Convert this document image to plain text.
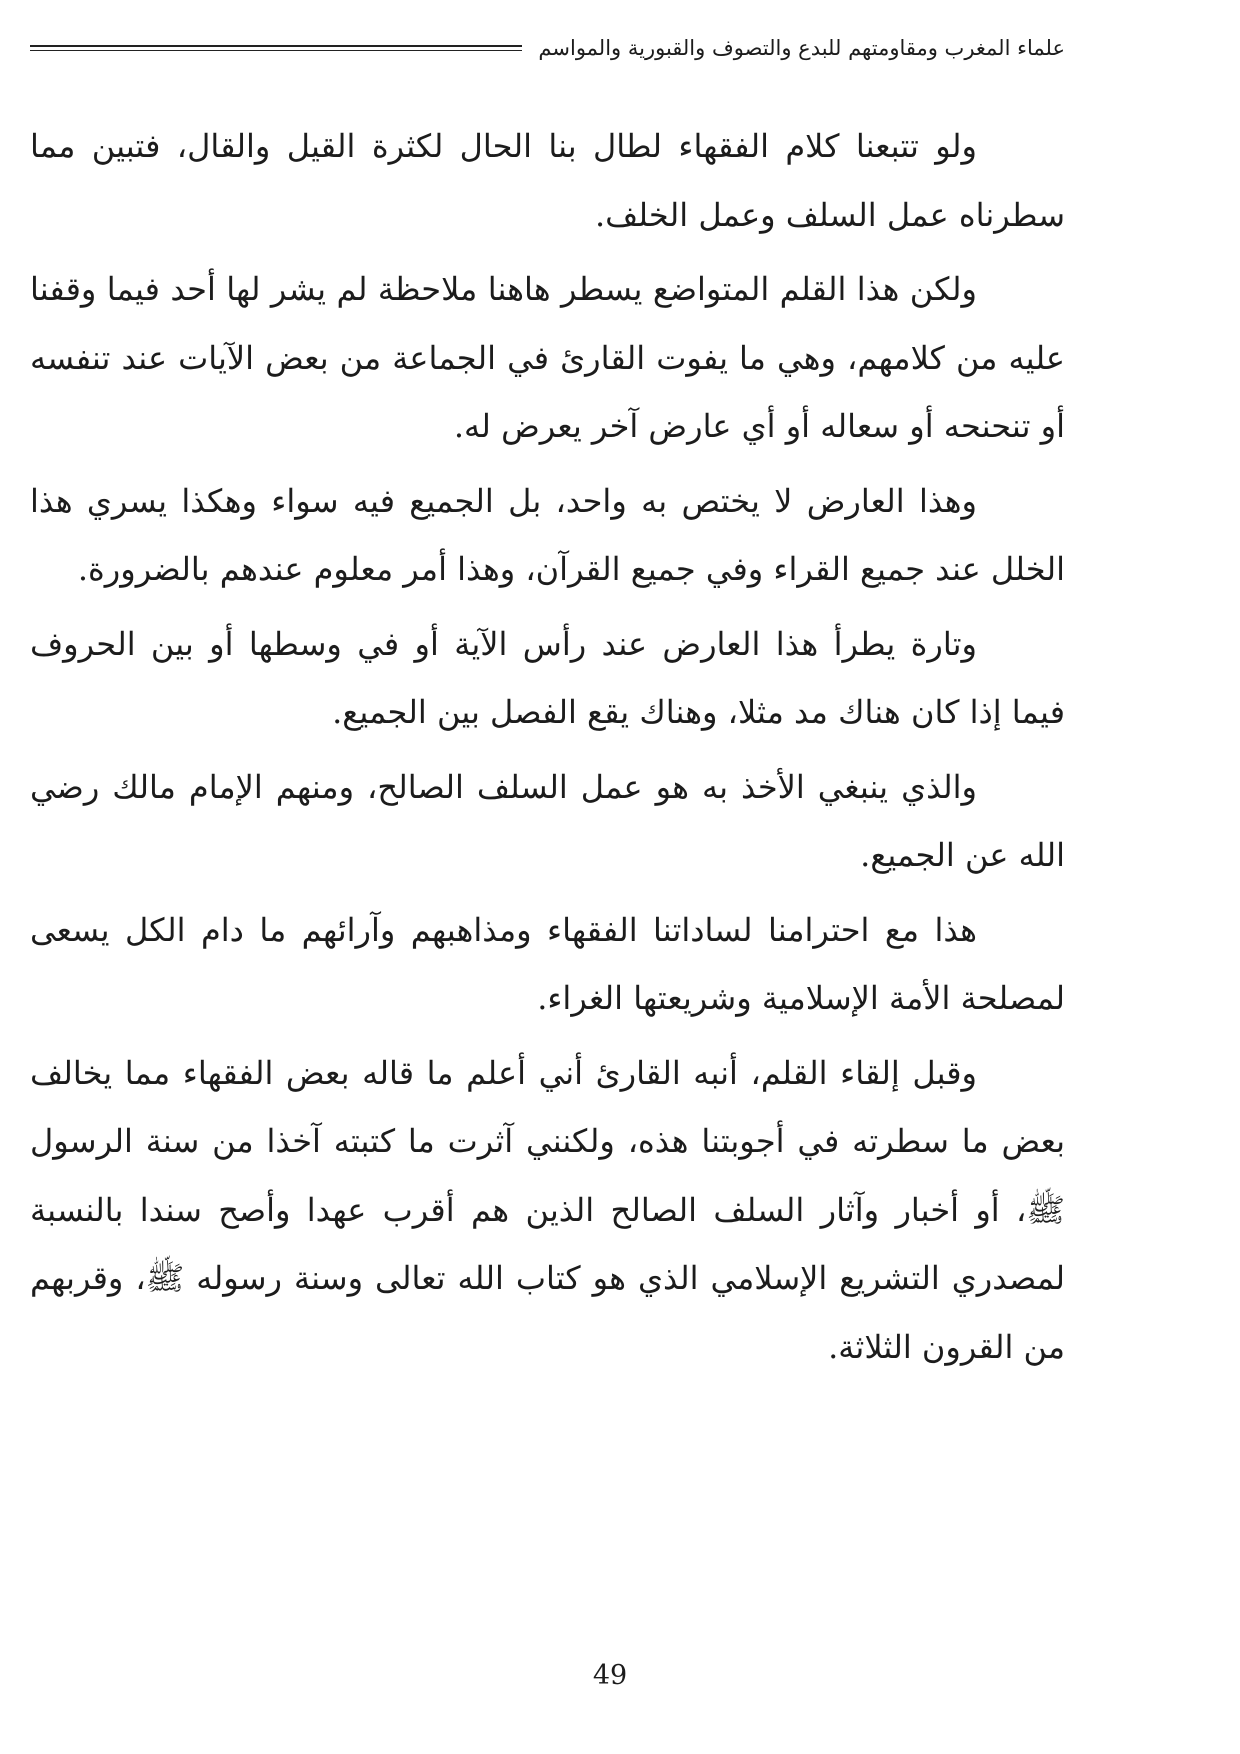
علماء المغرب ومقاومتهم للبدع والتصوف والقبورية والمواسم

ولو تتبعنا كلام الفقهاء لطال بنا الحال لكثرة القيل والقال، فتبين مما سطرناه عمل السلف وعمل الخلف.

ولكن هذا القلم المتواضع يسطر هاهنا ملاحظة لم يشر لها أحد فيما وقفنا عليه من كلامهم، وهي ما يفوت القارئ في الجماعة من بعض الآيات عند تنفسه أو تنحنحه أو سعاله أو أي عارض آخر يعرض له.

وهذا العارض لا يختص به واحد، بل الجميع فيه سواء وهكذا يسري هذا الخلل عند جميع القراء وفي جميع القرآن، وهذا أمر معلوم عندهم بالضرورة.

وتارة يطرأ هذا العارض عند رأس الآية أو في وسطها أو بين الحروف فيما إذا كان هناك مد مثلا، وهناك يقع الفصل بين الجميع.

والذي ينبغي الأخذ به هو عمل السلف الصالح، ومنهم الإمام مالك رضي الله عن الجميع.

هذا مع احترامنا لساداتنا الفقهاء ومذاهبهم وآرائهم ما دام الكل يسعى لمصلحة الأمة الإسلامية وشريعتها الغراء.

وقبل إلقاء القلم، أنبه القارئ أني أعلم ما قاله بعض الفقهاء مما يخالف بعض ما سطرته في أجوبتنا هذه، ولكنني آثرت ما كتبته آخذا من سنة الرسول ﷺ، أو أخبار وآثار السلف الصالح الذين هم أقرب عهدا وأصح سندا بالنسبة لمصدري التشريع الإسلامي الذي هو كتاب الله تعالى وسنة رسوله ﷺ، وقربهم من القرون الثلاثة.

49
